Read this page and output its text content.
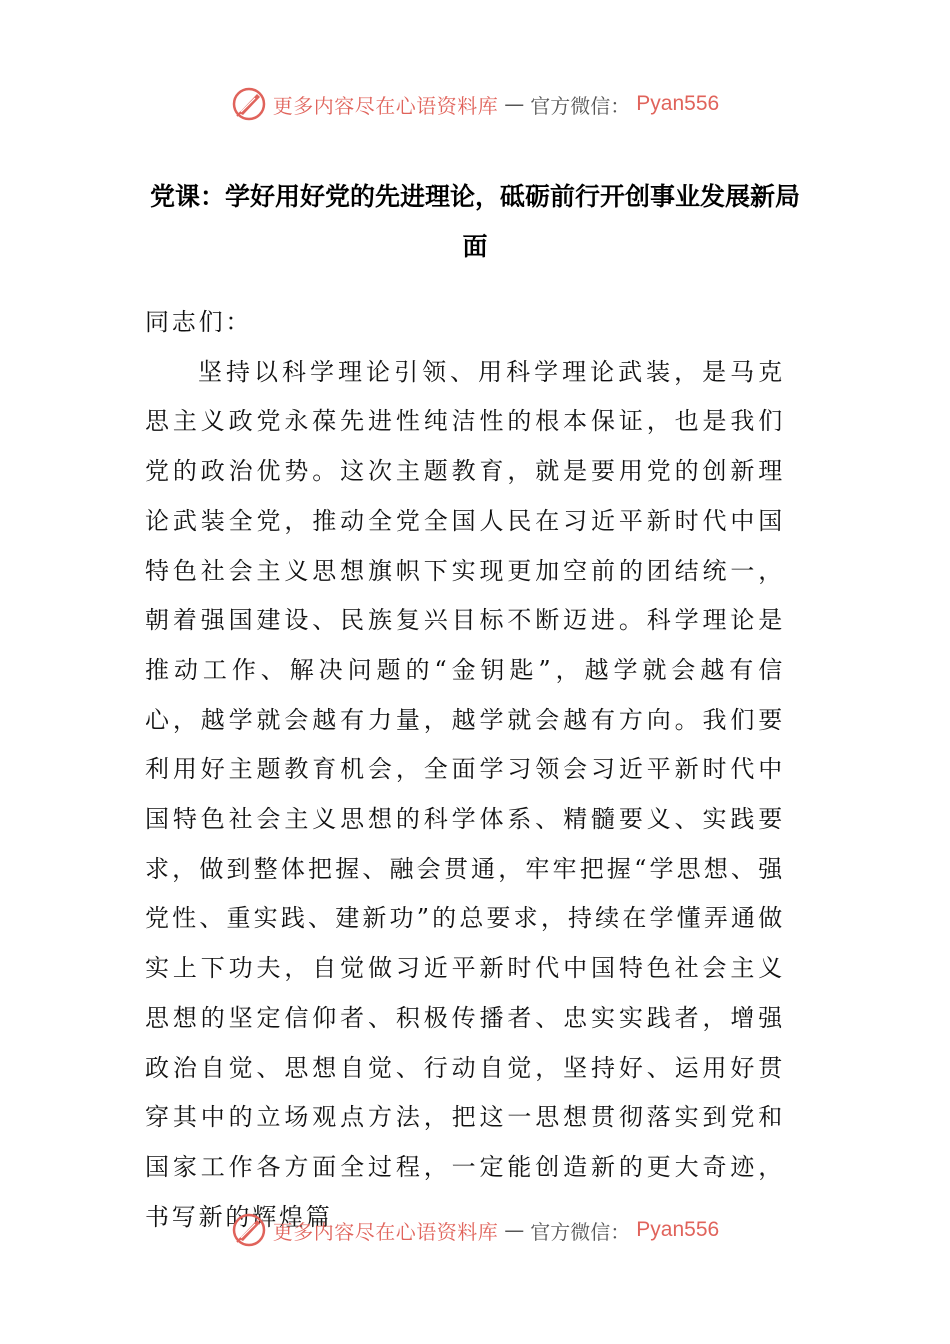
更多内容尽在心语资料库 — 官方微信： Pyan556
党课：学好用好党的先进理论，砥砺前行开创事业发展新局面

同志们：

坚持以科学理论引领、用科学理论武装，是马克思主义政党永葆先进性纯洁性的根本保证，也是我们党的政治优势。这次主题教育，就是要用党的创新理论武装全党，推动全党全国人民在习近平新时代中国特色社会主义思想旗帜下实现更加空前的团结统一，朝着强国建设、民族复兴目标不断迈进。科学理论是推动工作、解决问题的“金钥匙”，越学就会越有信心，越学就会越有力量，越学就会越有方向。我们要利用好主题教育机会，全面学习领会习近平新时代中国特色社会主义思想的科学体系、精髓要义、实践要求，做到整体把握、融会贯通，牢牢把握“学思想、强党性、重实践、建新功”的总要求，持续在学懂弄通做实上下功夫，自觉做习近平新时代中国特色社会主义思想的坚定信仰者、积极传播者、忠实实践者，增强政治自觉、思想自觉、行动自觉，坚持好、运用好贯穿其中的立场观点方法，把这一思想贯彻落实到党和国家工作各方面全过程，一定能创造新的更大奇迹，书写新的辉煌篇

更多内容尽在心语资料库 — 官方微信： Pyan556
